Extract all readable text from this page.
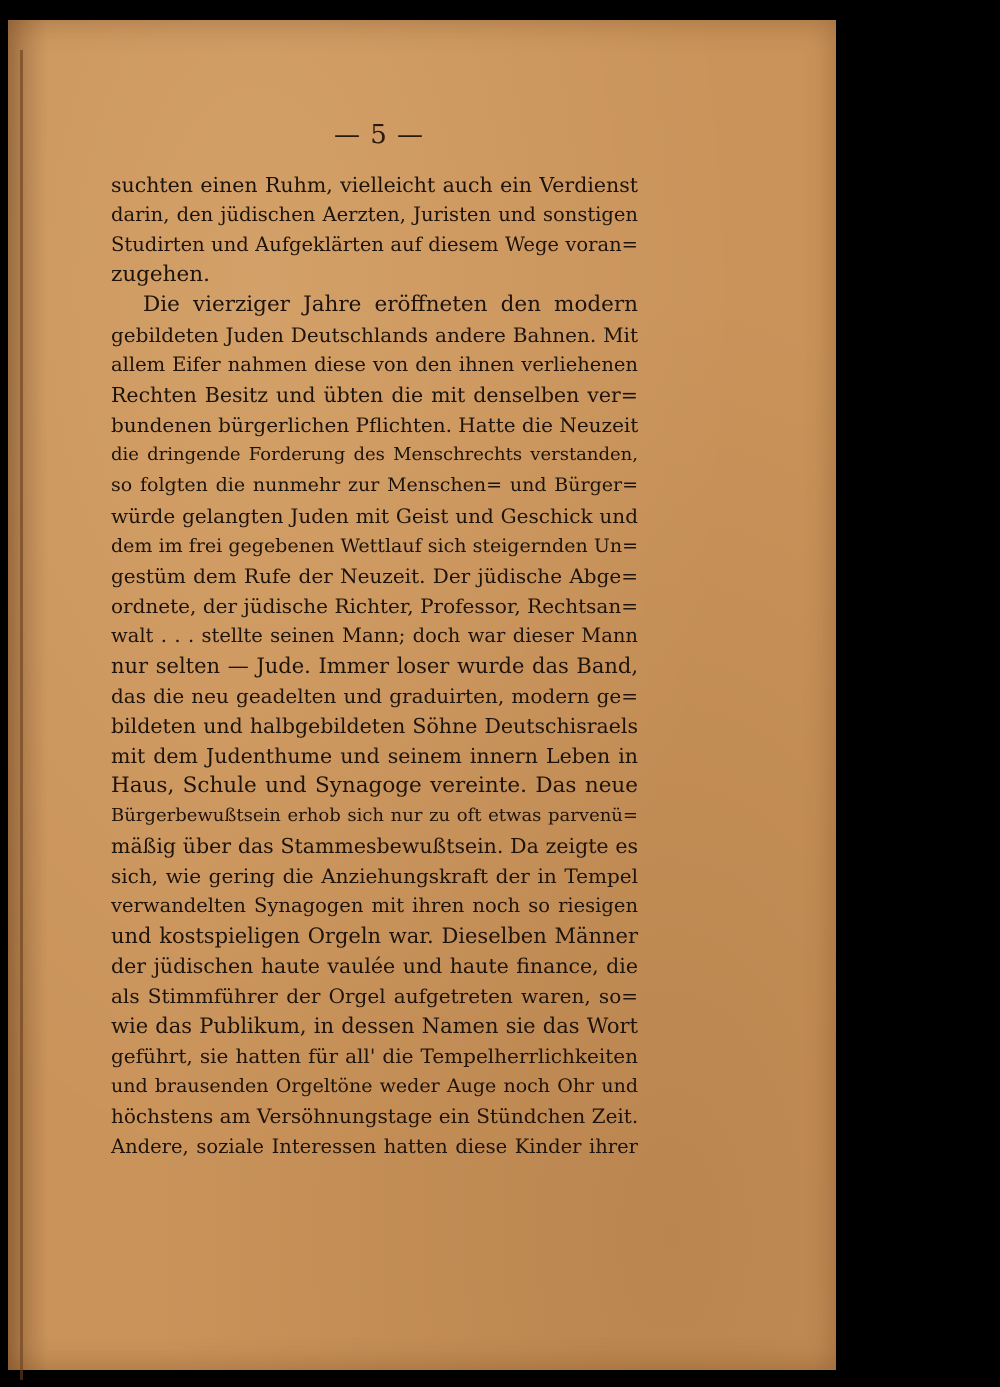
— 5 —
suchten einen Ruhm, vielleicht auch ein Verdienst
darin, den jüdischen Aerzten, Juristen und sonstigen
Studirten und Aufgeklärten auf diesem Wege voran=
zugehen.
Die vierziger Jahre eröffneten den modern
gebildeten Juden Deutschlands andere Bahnen. Mit
allem Eifer nahmen diese von den ihnen verliehenen
Rechten Besitz und übten die mit denselben ver=
bundenen bürgerlichen Pflichten. Hatte die Neuzeit
die dringende Forderung des Menschrechts verstanden,
so folgten die nunmehr zur Menschen= und Bürger=
würde gelangten Juden mit Geist und Geschick und
dem im frei gegebenen Wettlauf sich steigernden Un=
gestüm dem Rufe der Neuzeit. Der jüdische Abge=
ordnete, der jüdische Richter, Professor, Rechtsan=
walt . . . stellte seinen Mann; doch war dieser Mann
nur selten — Jude. Immer loser wurde das Band,
das die neu geadelten und graduirten, modern ge=
bildeten und halbgebildeten Söhne Deutschisraels
mit dem Judenthume und seinem innern Leben in
Haus, Schule und Synagoge vereinte. Das neue
Bürgerbewußtsein erhob sich nur zu oft etwas parvenü=
mäßig über das Stammesbewußtsein. Da zeigte es
sich, wie gering die Anziehungskraft der in Tempel
verwandelten Synagogen mit ihren noch so riesigen
und kostspieligen Orgeln war. Dieselben Männer
der jüdischen haute vaulée und haute finance, die
als Stimmführer der Orgel aufgetreten waren, so=
wie das Publikum, in dessen Namen sie das Wort
geführt, sie hatten für all' die Tempelherrlichkeiten
und brausenden Orgeltöne weder Auge noch Ohr und
höchstens am Versöhnungstage ein Stündchen Zeit.
Andere, soziale Interessen hatten diese Kinder ihrer
